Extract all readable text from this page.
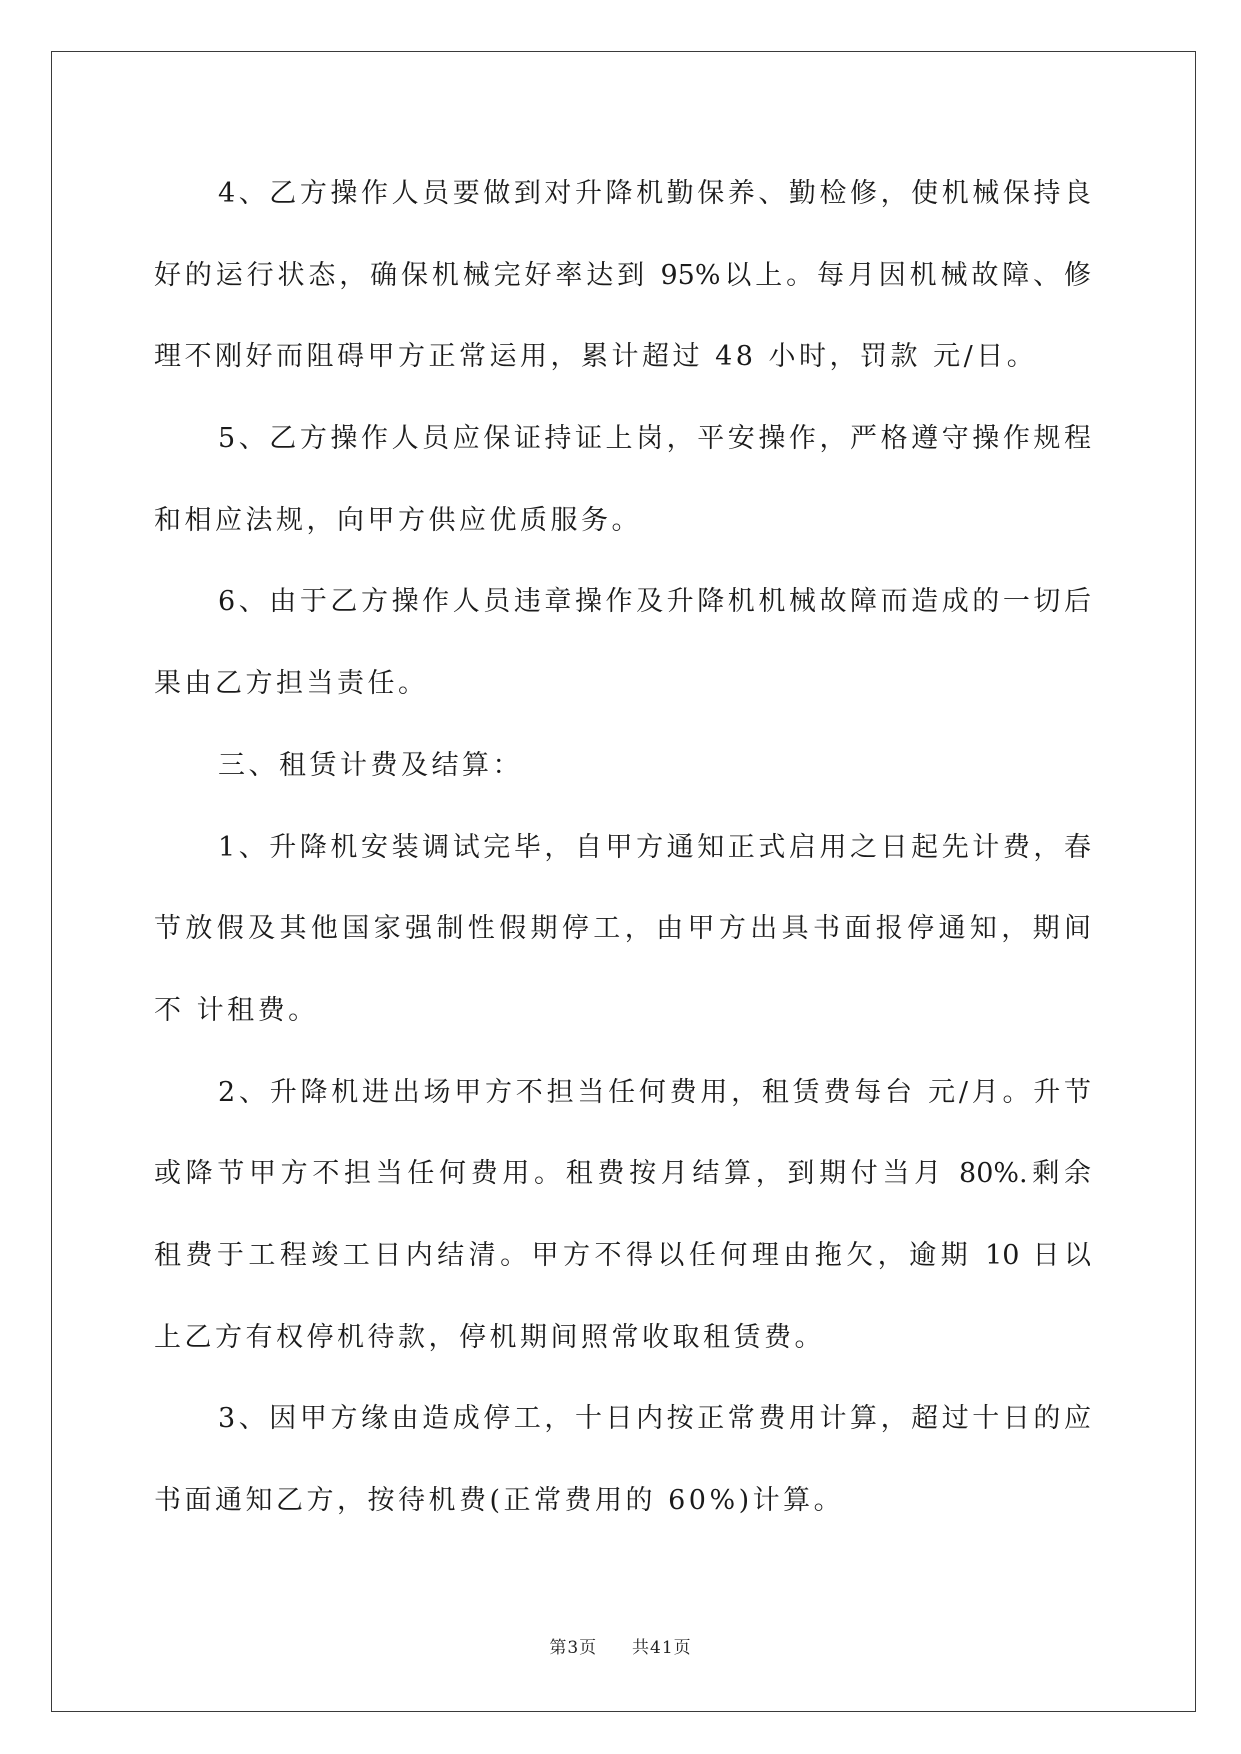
4、乙方操作人员要做到对升降机勤保养、勤检修，使机械保持良
好的运行状态，确保机械完好率达到 95%以上。每月因机械故障、修
理不刚好而阻碍甲方正常运用，累计超过 48 小时，罚款 元/日。
5、乙方操作人员应保证持证上岗，平安操作，严格遵守操作规程
和相应法规，向甲方供应优质服务。
6、由于乙方操作人员违章操作及升降机机械故障而造成的一切后
果由乙方担当责任。
三、租赁计费及结算：
1、升降机安装调试完毕，自甲方通知正式启用之日起先计费，春
节放假及其他国家强制性假期停工，由甲方出具书面报停通知，期间
不 计租费。
2、升降机进出场甲方不担当任何费用，租赁费每台 元/月。升节
或降节甲方不担当任何费用。租费按月结算，到期付当月 80%.剩余
租费于工程竣工日内结清。甲方不得以任何理由拖欠，逾期 10 日以
上乙方有权停机待款，停机期间照常收取租赁费。
3、因甲方缘由造成停工，十日内按正常费用计算，超过十日的应
书面通知乙方，按待机费(正常费用的 60%)计算。
第3页 共41页
